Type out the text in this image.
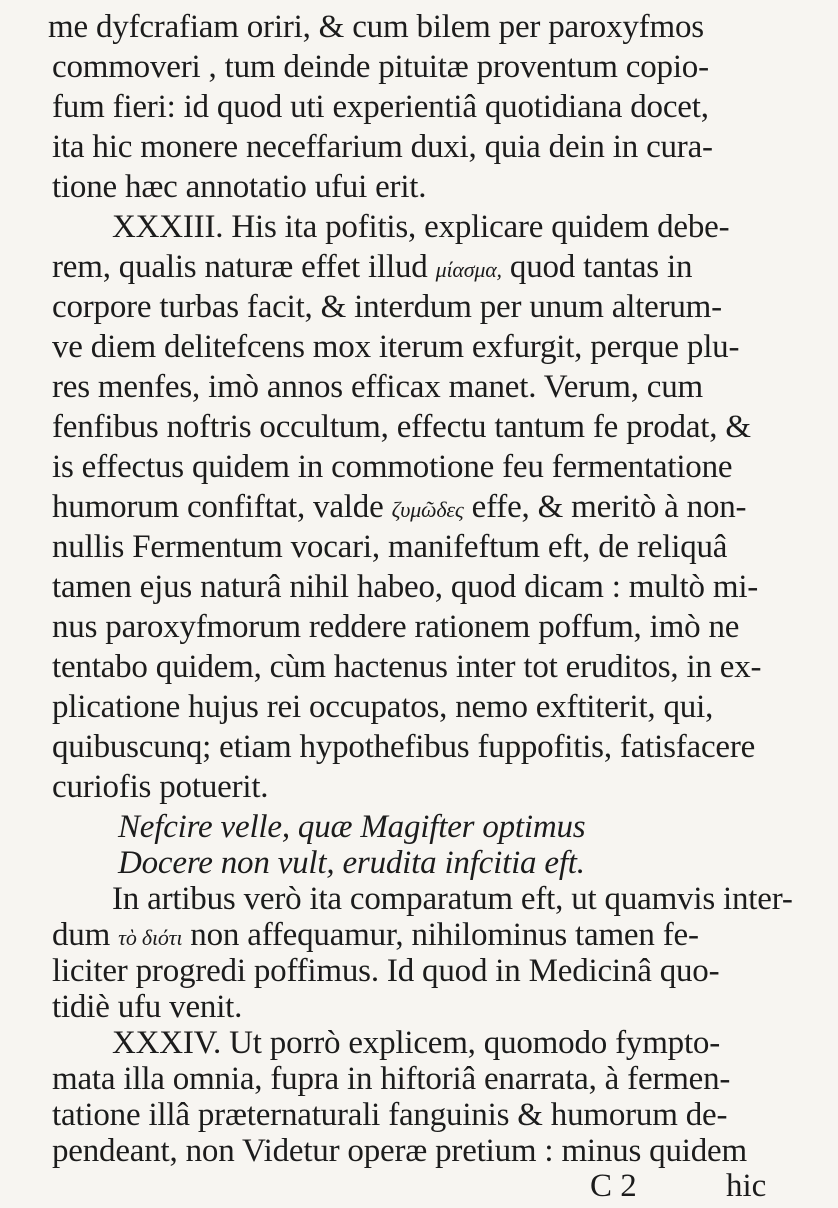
me dyfcrafiam oriri, & cum bilem per paroxyfmos
commoveri , tum deinde pituitæ proventum copio-
fum fieri: id quod uti experientiâ quotidiana docet,
ita hic monere neceffarium duxi, quia dein in cura-
tione hæc annotatio ufui erit.
XXXIII. His ita pofitis, explicare quidem debe-
rem, qualis naturæ effet illud μίασμα, quod tantas in
corpore turbas facit, & interdum per unum alterum-
ve diem delitefcens mox iterum exfurgit, perque plu-
res menfes, imò annos efficax manet. Verum, cum
fenfibus noftris occultum, effectu tantum fe prodat, &
is effectus quidem in commotione feu fermentatione
humorum confiftat, valde ζυμῶδες effe, & meritò à non-
nullis Fermentum vocari, manifeftum eft, de reliquâ
tamen ejus naturâ nihil habeo, quod dicam : multò mi-
nus paroxyfmorum reddere rationem poffum, imò ne
tentabo quidem, cùm hactenus inter tot eruditos, in ex-
plicatione hujus rei occupatos, nemo exftiterit, qui,
quibuscunq; etiam hypothefibus fuppofitis, fatisfacere
curiofis potuerit.
Nefcire velle, quæ Magifter optimus
Docere non vult, erudita infcitia eft.
In artibus verò ita comparatum eft, ut quamvis inter-
dum τὸ διότι non affequamur, nihilominus tamen fe-
liciter progredi poffimus. Id quod in Medicinâ quo-
tidiè ufu venit.
C 2	hic
XXXIV. Ut porrò explicem, quomodo fympto-
mata illa omnia, fupra in hiftoriâ enarrata, à fermen-
tatione illâ præternaturali fanguinis & humorum de-
pendeant, non Videtur operæ pretium : minus quidem
